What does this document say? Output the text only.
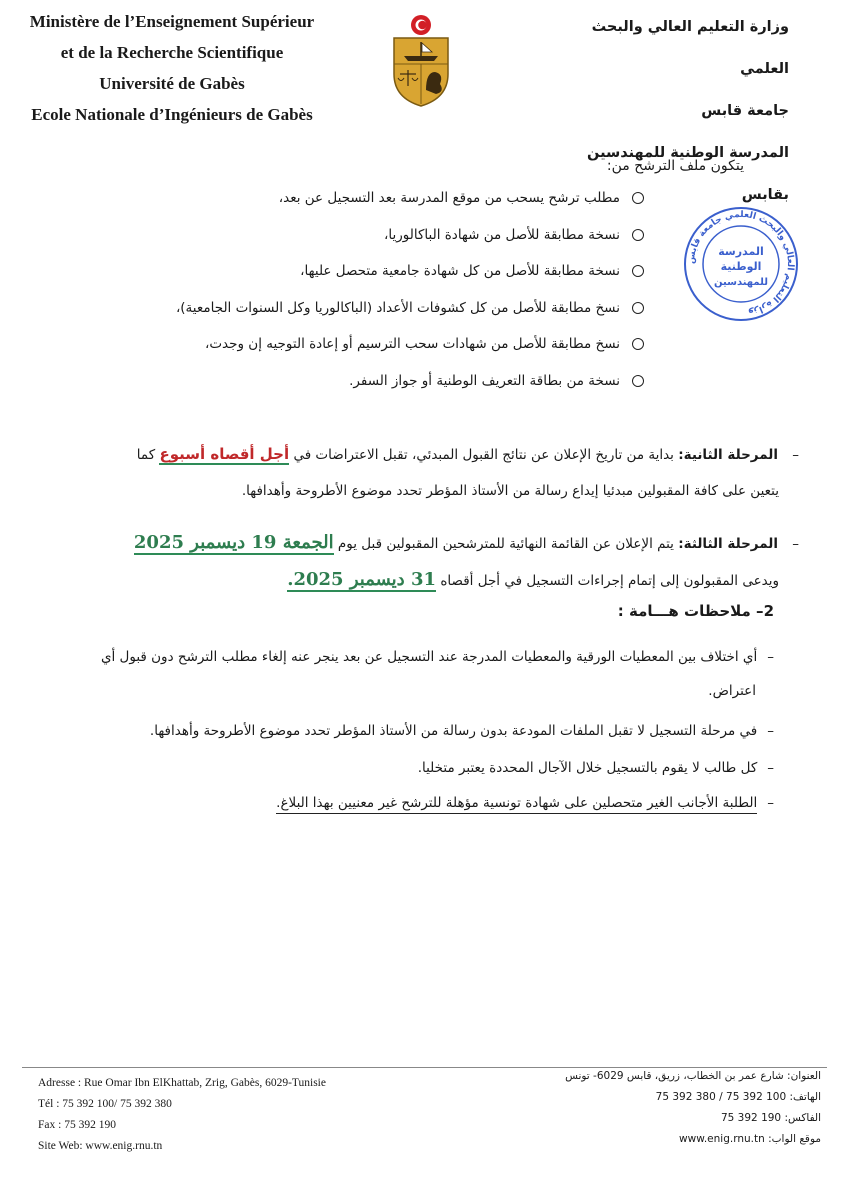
Ministère de l’Enseignement Supérieur
et de la Recherche Scientifique
Université de Gabès
Ecole Nationale d’Ingénieurs de Gabès
وزارة التعليم العالي والبحث العلمي
جامعة قابس
المدرسة الوطنية للمهندسين بقابس
وزارة التعليم العالي والبحث العلمي جامعة قابس
المدرسة
الوطنية
للمهندسين
يتكون ملف الترشح من:
مطلب ترشح يسحب من موقع المدرسة بعد التسجيل عن بعد،
نسخة مطابقة للأصل من شهادة الباكالوريا،
نسخة مطابقة للأصل من كل شهادة جامعية متحصل عليها،
نسخ مطابقة للأصل من كل كشوفات الأعداد (الباكالوريا وكل السنوات الجامعية)،
نسخ مطابقة للأصل من شهادات سحب الترسيم أو إعادة التوجيه إن وجدت،
نسخة من بطاقة التعريف الوطنية أو جواز السفر.
– المرحلة الثانية: بداية من تاريخ الإعلان عن نتائج القبول المبدئي، تقبل الاعتراضات في أجل أقصاه أسبوع كما
يتعين على كافة المقبولين مبدئيا إيداع رسالة من الأستاذ المؤطر تحدد موضوع الأطروحة وأهدافها.
– المرحلة الثالثة: يتم الإعلان عن القائمة النهائية للمترشحين المقبولين قبل يوم الجمعة 19 ديسمبر 2025
ويدعى المقبولون إلى إتمام إجراءات التسجيل في أجل أقصاه 31 ديسمبر 2025.
2– ملاحظات هـــامة :
–أي اختلاف بين المعطيات الورقية والمعطيات المدرجة عند التسجيل عن بعد ينجر عنه إلغاء مطلب الترشح دون قبول أي
اعتراض.
–في مرحلة التسجيل لا تقبل الملفات المودعة بدون رسالة من الأستاذ المؤطر تحدد موضوع الأطروحة وأهدافها.
–كل طالب لا يقوم بالتسجيل خلال الآجال المحددة يعتبر متخليا.
–الطلبة الأجانب الغير متحصلين على شهادة تونسية مؤهلة للترشح غير معنيين بهذا البلاغ.
Adresse : Rue Omar Ibn ElKhattab, Zrig, Gabès, 6029-Tunisie
Tél : 75 392 100/ 75 392 380
Fax : 75 392 190
Site Web: www.enig.rnu.tn
العنوان: شارع عمر بن الخطاب، زريق، قابس 6029- تونس
الهاتف: 100 392 75 / 380 392 75
الفاكس: 190 392 75
موقع الواب: www.enig.rnu.tn
